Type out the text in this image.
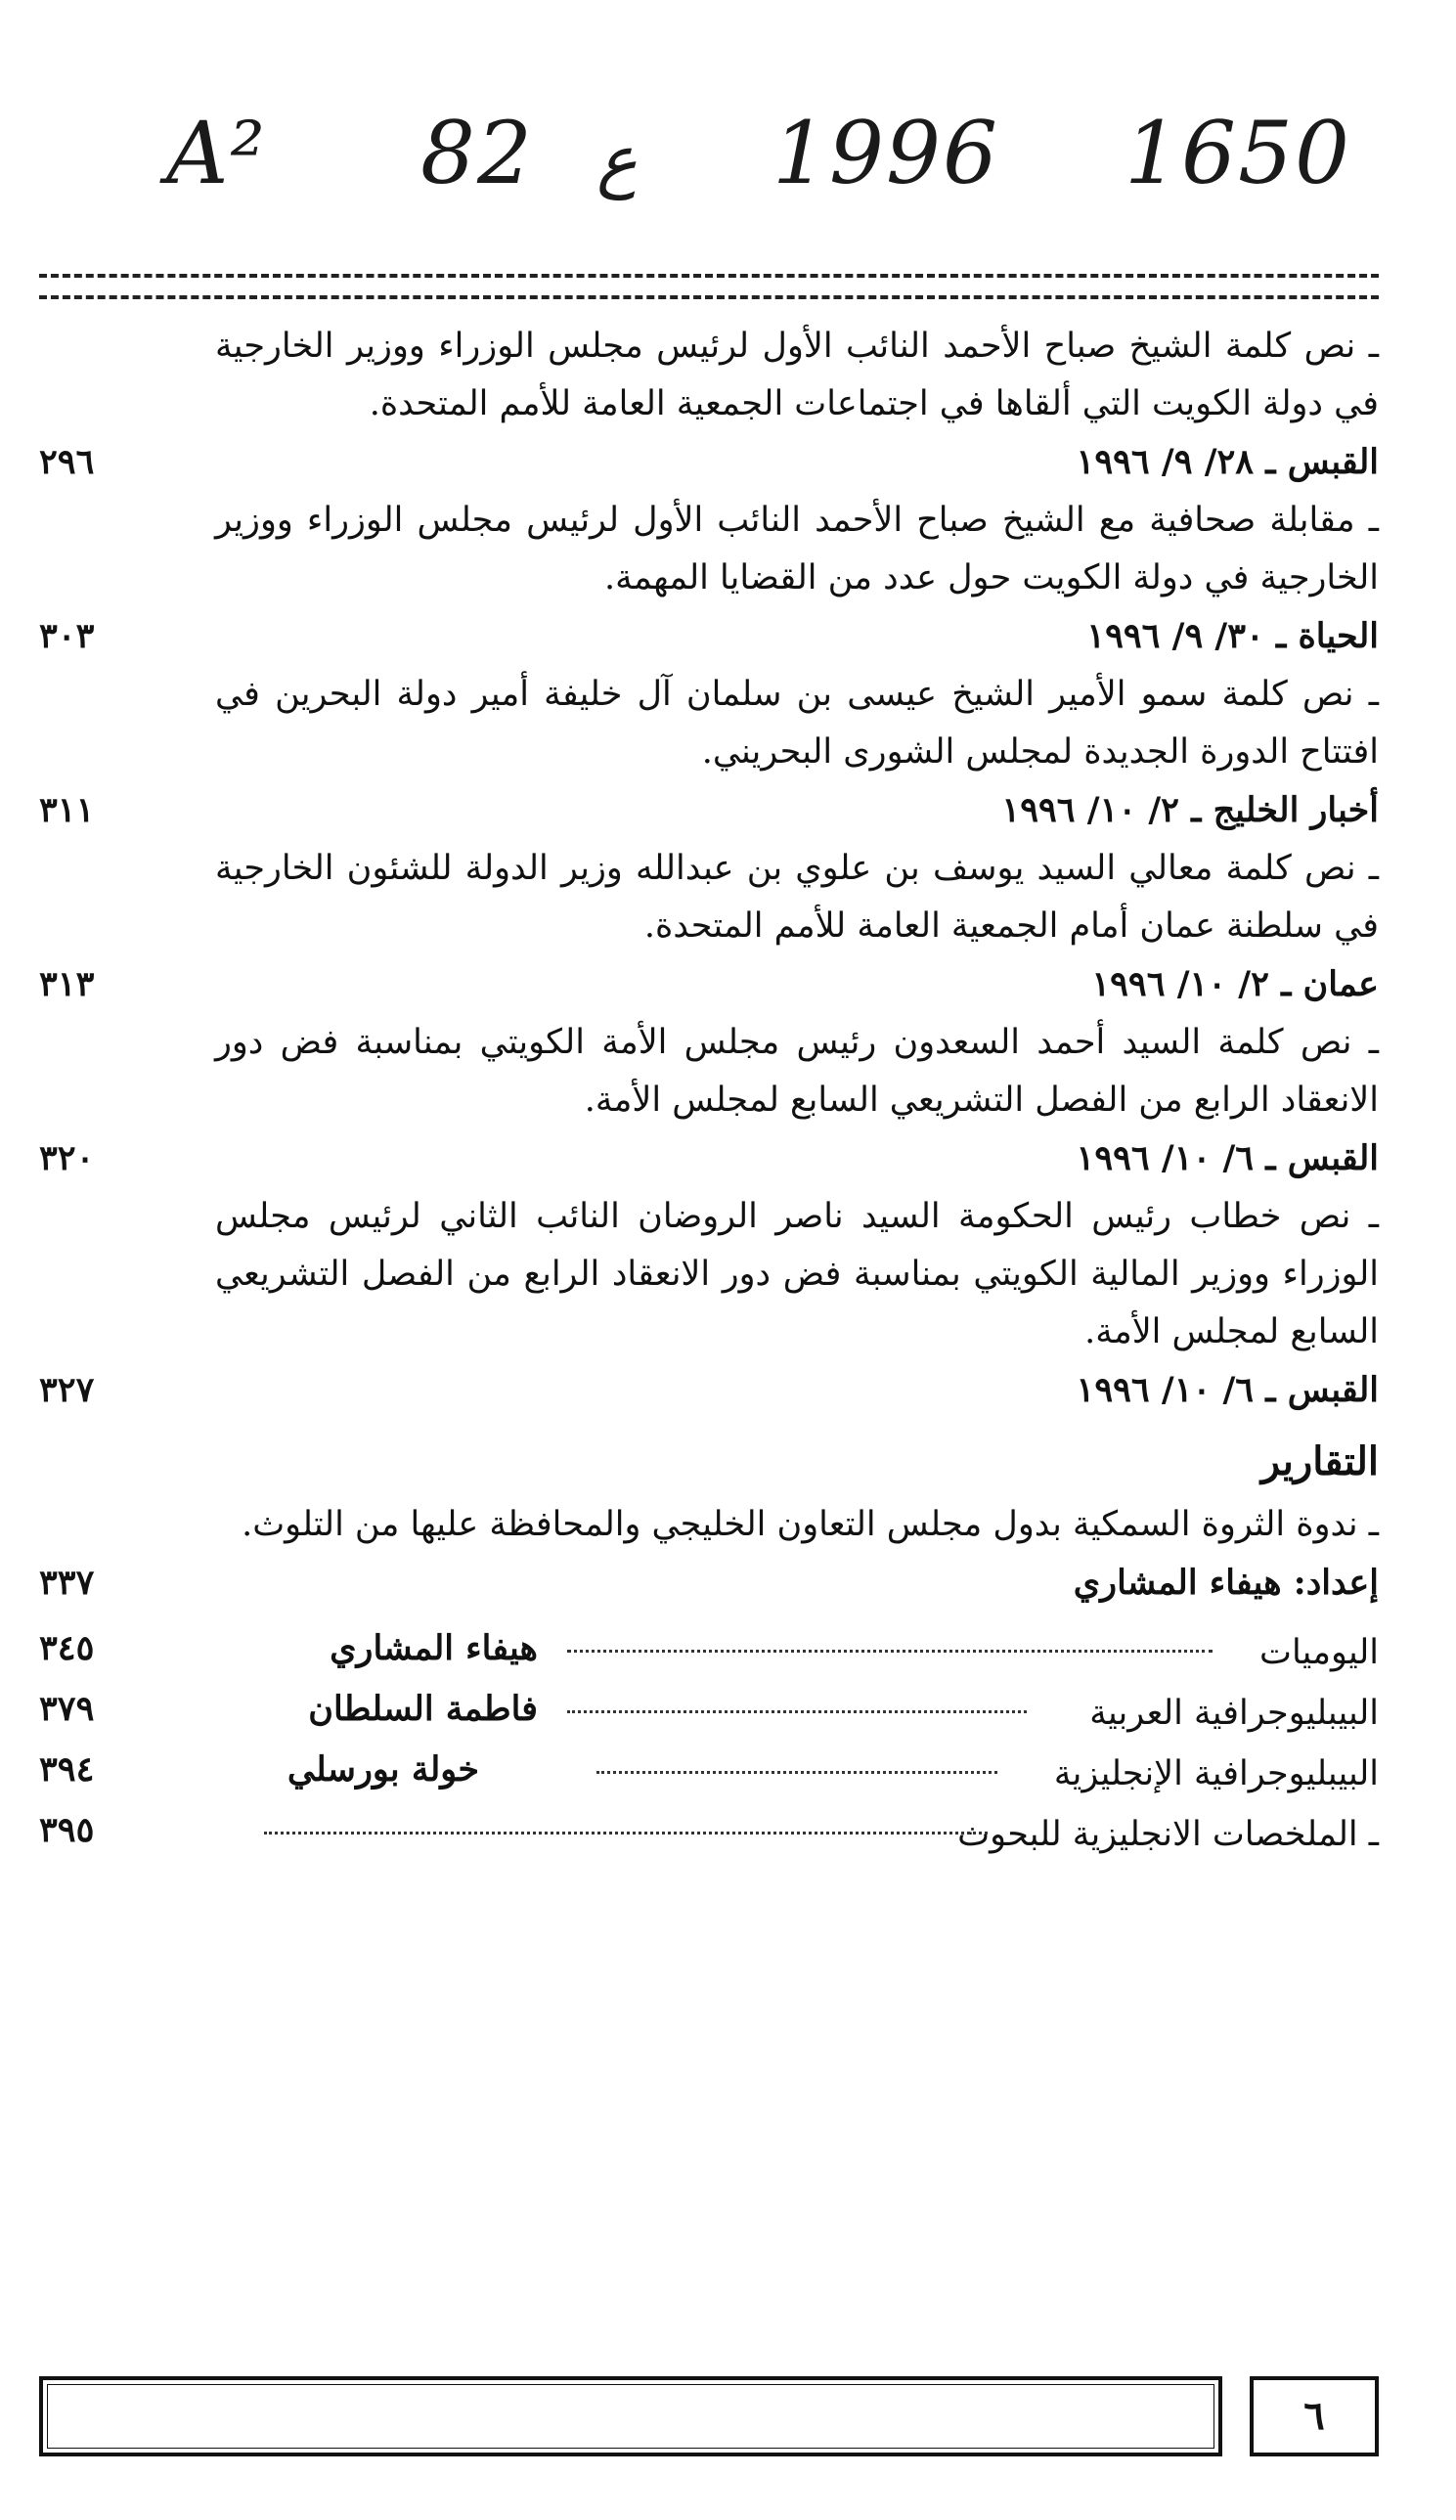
A² 82 ع 1996 1650
ـ نص كلمة الشيخ صباح الأحمد النائب الأول لرئيس مجلس الوزراء ووزير الخارجية في دولة الكويت التي ألقاها في اجتماعات الجمعية العامة للأمم المتحدة.
القبس ـ ٢٨/ ٩/ ١٩٩٦
٢٩٦
ـ مقابلة صحافية مع الشيخ صباح الأحمد النائب الأول لرئيس مجلس الوزراء ووزير الخارجية في دولة الكويت حول عدد من القضايا المهمة.
الحياة ـ ٣٠/ ٩/ ١٩٩٦
٣٠٣
ـ نص كلمة سمو الأمير الشيخ عيسى بن سلمان آل خليفة أمير دولة البحرين في افتتاح الدورة الجديدة لمجلس الشورى البحريني.
أخبار الخليج ـ ٢/ ١٠/ ١٩٩٦
٣١١
ـ نص كلمة معالي السيد يوسف بن علوي بن عبدالله وزير الدولة للشئون الخارجية في سلطنة عمان أمام الجمعية العامة للأمم المتحدة.
عمان ـ ٢/ ١٠/ ١٩٩٦
٣١٣
ـ نص كلمة السيد أحمد السعدون رئيس مجلس الأمة الكويتي بمناسبة فض دور الانعقاد الرابع من الفصل التشريعي السابع لمجلس الأمة.
القبس ـ ٦/ ١٠/ ١٩٩٦
٣٢٠
ـ نص خطاب رئيس الحكومة السيد ناصر الروضان النائب الثاني لرئيس مجلس الوزراء ووزير المالية الكويتي بمناسبة فض دور الانعقاد الرابع من الفصل التشريعي السابع لمجلس الأمة.
القبس ـ ٦/ ١٠/ ١٩٩٦
٣٢٧
التقارير
ـ ندوة الثروة السمكية بدول مجلس التعاون الخليجي والمحافظة عليها من التلوث.
إعداد: هيفاء المشاري
٣٣٧
اليوميات
هيفاء المشاري
٣٤٥
البيبليوجرافية العربية
فاطمة السلطان
٣٧٩
البيبليوجرافية الإنجليزية
خولة بورسلي
٣٩٤
ـ الملخصات الانجليزية للبحوث
٣٩٥
٦
